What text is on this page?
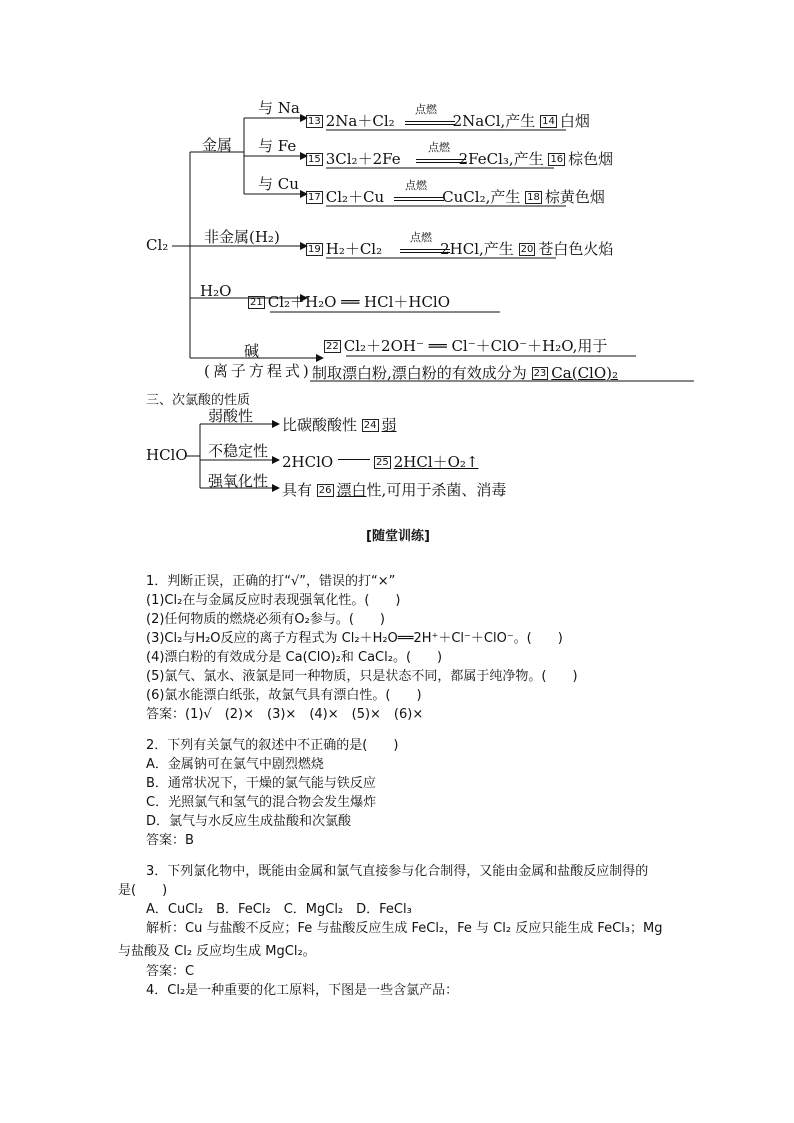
Cl₂
金属
与 Na
与 Fe
与 Cu
非金属(H₂)
H₂O
碱
(离子方程式)
13 2Na＋Cl₂	2NaCl,产生 14 白烟
点燃
15 3Cl₂＋2Fe	2FeCl₃,产生 16 棕色烟
点燃
17 Cl₂＋Cu	CuCl₂,产生 18 棕黄色烟
点燃
19 H₂＋Cl₂	2HCl,产生 20 苍白色火焰
点燃
21 Cl₂＋H₂O ══ HCl＋HClO
22 Cl₂＋2OH⁻ ══ Cl⁻＋ClO⁻＋H₂O,用于
制取漂白粉,漂白粉的有效成分为 23 Ca(ClO)₂
三、次氯酸的性质
HClO
弱酸性 比碳酸酸性 24 弱
不稳定性
2HClO	25 2HCl＋O₂↑
强氧化性 具有 26 漂白性,可用于杀菌、消毒
[随堂训练]
1．判断正误，正确的打“√”，错误的打“×”
(1)Cl₂在与金属反应时表现强氧化性。(　　)
(2)任何物质的燃烧必须有O₂参与。(　　)
(3)Cl₂与H₂O反应的离子方程式为 Cl₂＋H₂O══2H⁺＋Cl⁻＋ClO⁻。(　　)
(4)漂白粉的有效成分是 Ca(ClO)₂和 CaCl₂。(　　)
(5)氯气、氯水、液氯是同一种物质，只是状态不同，都属于纯净物。(　　)
(6)氯水能漂白纸张，故氯气具有漂白性。(　　)
答案：(1)√　(2)×　(3)×　(4)×　(5)×　(6)×
2．下列有关氯气的叙述中不正确的是(　　)
A．金属钠可在氯气中剧烈燃烧
B．通常状况下，干燥的氯气能与铁反应
C．光照氯气和氢气的混合物会发生爆炸
D．氯气与水反应生成盐酸和次氯酸
答案：B
3．下列氯化物中，既能由金属和氯气直接参与化合制得，又能由金属和盐酸反应制得的
是(　　)
A．CuCl₂　B．FeCl₂　C．MgCl₂　D．FeCl₃
解析：Cu 与盐酸不反应；Fe 与盐酸反应生成 FeCl₂，Fe 与 Cl₂ 反应只能生成 FeCl₃；Mg
与盐酸及 Cl₂ 反应均生成 MgCl₂。
答案：C
4．Cl₂是一种重要的化工原料，下图是一些含氯产品：
